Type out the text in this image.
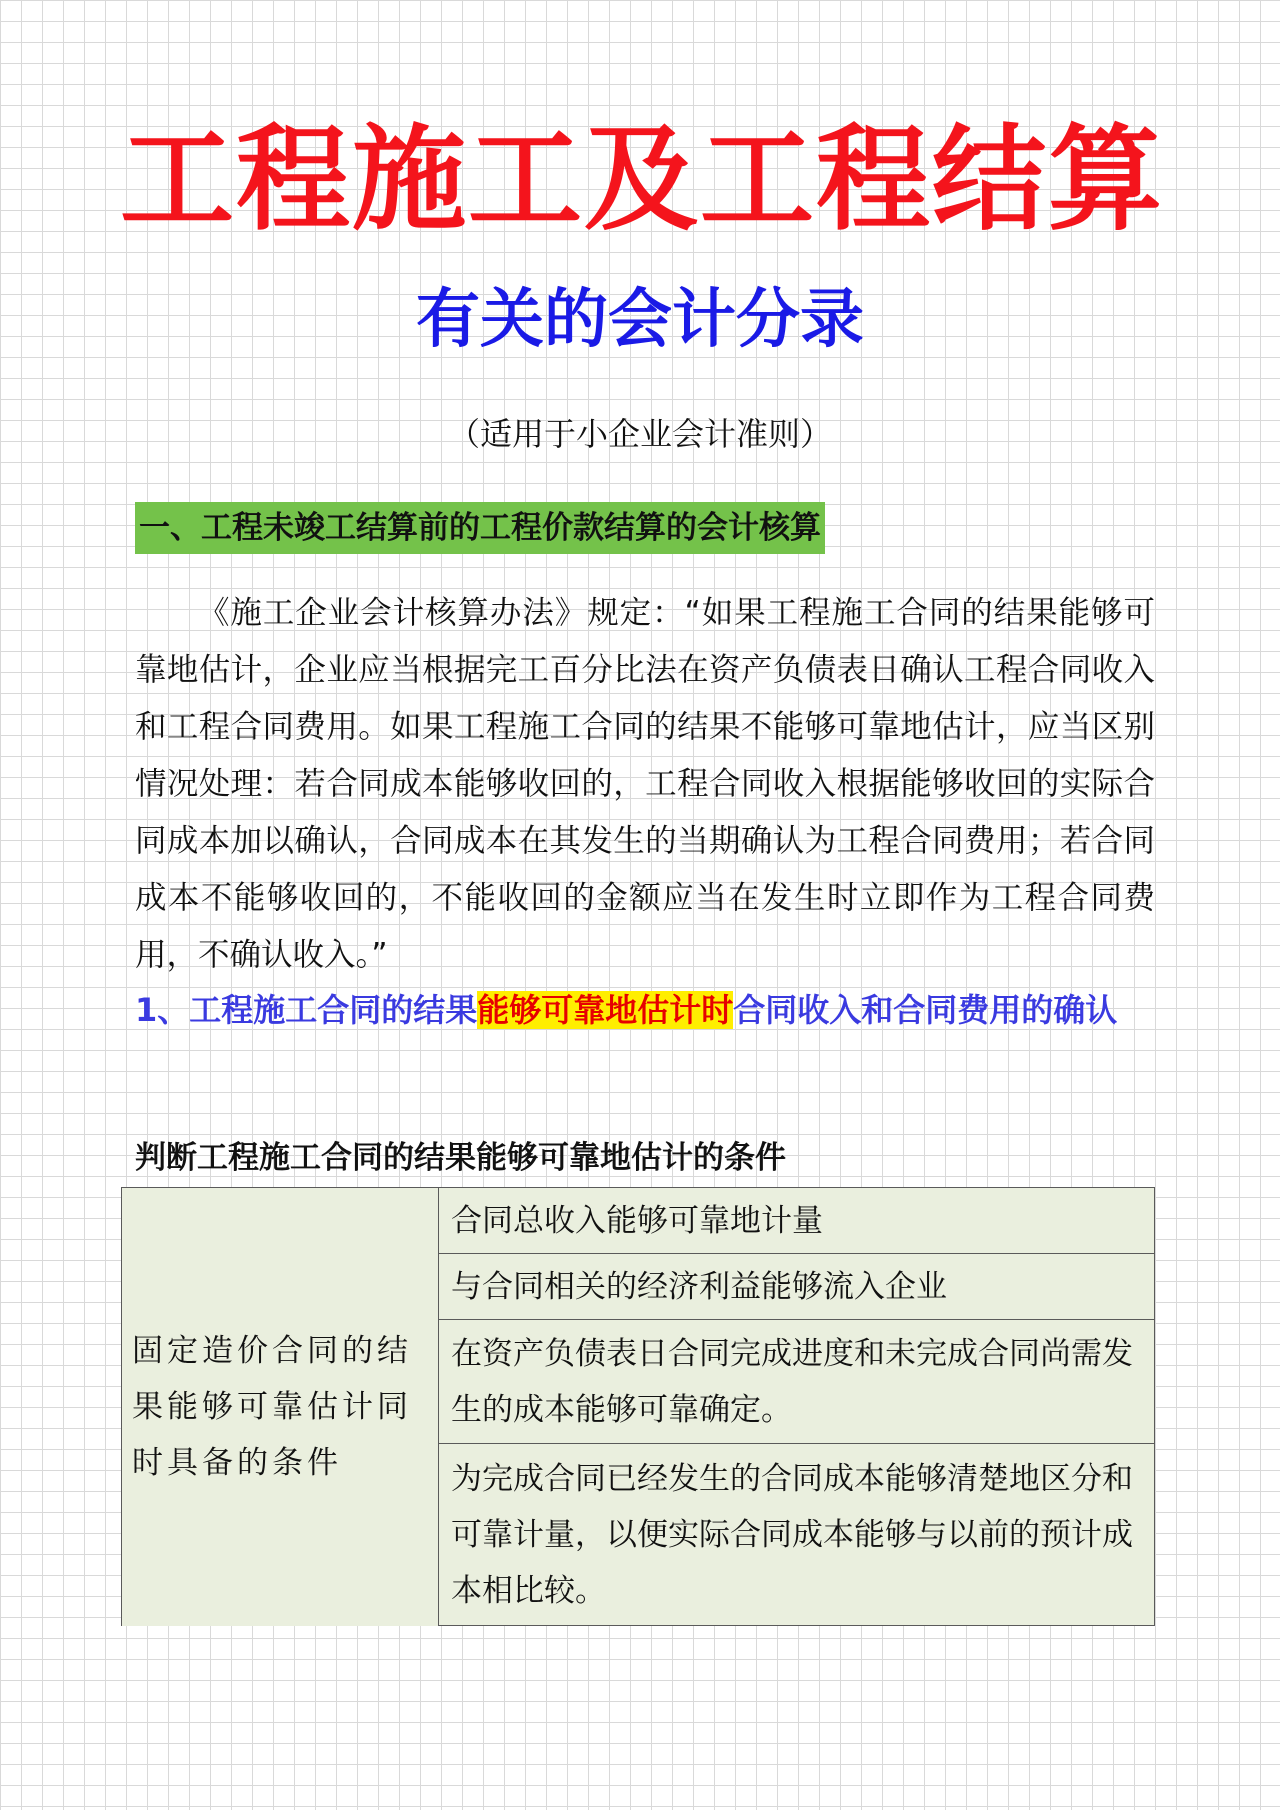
工程施工及工程结算
有关的会计分录
（适用于小企业会计准则）
一、工程未竣工结算前的工程价款结算的会计核算
《施工企业会计核算办法》规定：“如果工程施工合同的结果能够可靠地估计，企业应当根据完工百分比法在资产负债表日确认工程合同收入和工程合同费用。如果工程施工合同的结果不能够可靠地估计，应当区别情况处理：若合同成本能够收回的，工程合同收入根据能够收回的实际合同成本加以确认，合同成本在其发生的当期确认为工程合同费用；若合同成本不能够收回的，不能收回的金额应当在发生时立即作为工程合同费用，不确认收入。”
1、工程施工合同的结果能够可靠地估计时合同收入和合同费用的确认
判断工程施工合同的结果能够可靠地估计的条件
固定造价合同的结果能够可靠估计同时具备的条件	合同总收入能够可靠地计量
与合同相关的经济利益能够流入企业
在资产负债表日合同完成进度和未完成合同尚需发生的成本能够可靠确定。
为完成合同已经发生的合同成本能够清楚地区分和可靠计量，以便实际合同成本能够与以前的预计成本相比较。
